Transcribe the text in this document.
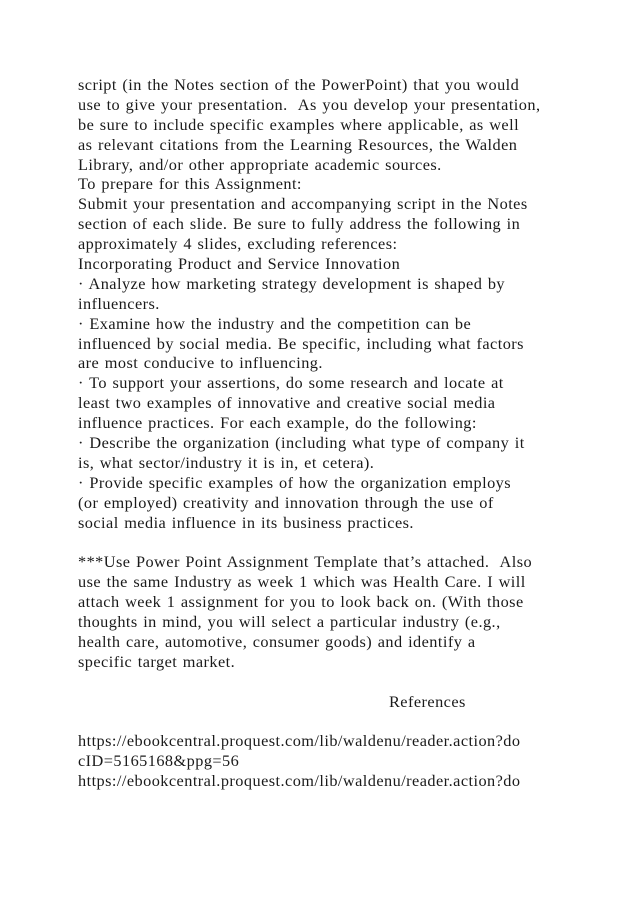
script (in the Notes section of the PowerPoint) that you would
use to give your presentation.  As you develop your presentation,
be sure to include specific examples where applicable, as well
as relevant citations from the Learning Resources, the Walden
Library, and/or other appropriate academic sources.
To prepare for this Assignment:
Submit your presentation and accompanying script in the Notes
section of each slide. Be sure to fully address the following in
approximately 4 slides, excluding references:
Incorporating Product and Service Innovation
· Analyze how marketing strategy development is shaped by
influencers.
· Examine how the industry and the competition can be
influenced by social media. Be specific, including what factors
are most conducive to influencing.
· To support your assertions, do some research and locate at
least two examples of innovative and creative social media
influence practices. For each example, do the following:
· Describe the organization (including what type of company it
is, what sector/industry it is in, et cetera).
· Provide specific examples of how the organization employs
(or employed) creativity and innovation through the use of
social media influence in its business practices.
***Use Power Point Assignment Template that’s attached.  Also
use the same Industry as week 1 which was Health Care. I will
attach week 1 assignment for you to look back on. (With those
thoughts in mind, you will select a particular industry (e.g.,
health care, automotive, consumer goods) and identify a
specific target market.
References
https://ebookcentral.proquest.com/lib/waldenu/reader.action?do
cID=5165168&ppg=56
https://ebookcentral.proquest.com/lib/waldenu/reader.action?do
